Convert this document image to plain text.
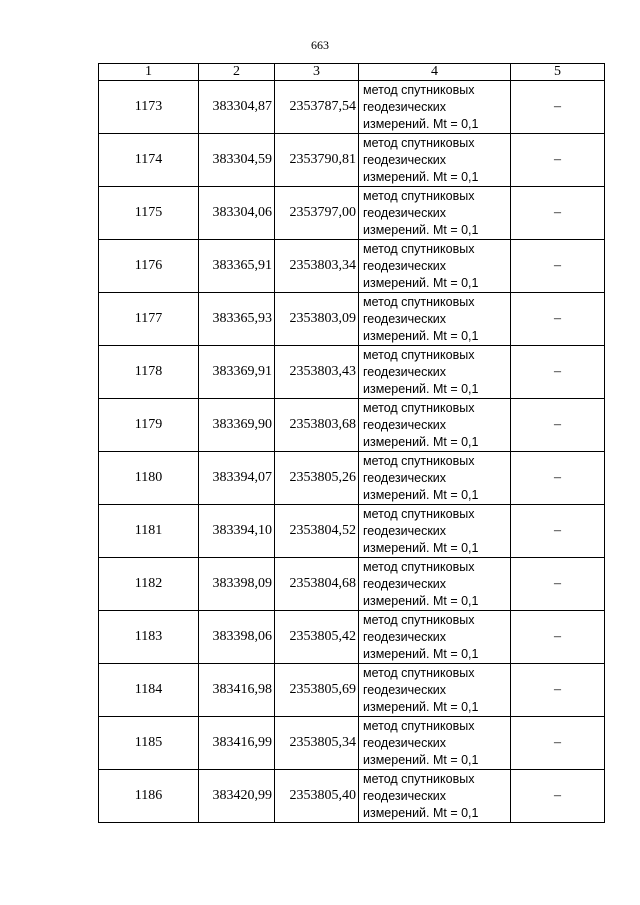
663
1	2	3	4	5
1173	383304,87	2353787,54	метод спутниковых
геодезических
измерений. Mt = 0,1	–
1174	383304,59	2353790,81	метод спутниковых
геодезических
измерений. Mt = 0,1	–
1175	383304,06	2353797,00	метод спутниковых
геодезических
измерений. Mt = 0,1	–
1176	383365,91	2353803,34	метод спутниковых
геодезических
измерений. Mt = 0,1	–
1177	383365,93	2353803,09	метод спутниковых
геодезических
измерений. Mt = 0,1	–
1178	383369,91	2353803,43	метод спутниковых
геодезических
измерений. Mt = 0,1	–
1179	383369,90	2353803,68	метод спутниковых
геодезических
измерений. Mt = 0,1	–
1180	383394,07	2353805,26	метод спутниковых
геодезических
измерений. Mt = 0,1	–
1181	383394,10	2353804,52	метод спутниковых
геодезических
измерений. Mt = 0,1	–
1182	383398,09	2353804,68	метод спутниковых
геодезических
измерений. Mt = 0,1	–
1183	383398,06	2353805,42	метод спутниковых
геодезических
измерений. Mt = 0,1	–
1184	383416,98	2353805,69	метод спутниковых
геодезических
измерений. Mt = 0,1	–
1185	383416,99	2353805,34	метод спутниковых
геодезических
измерений. Mt = 0,1	–
1186	383420,99	2353805,40	метод спутниковых
геодезических
измерений. Mt = 0,1	–
